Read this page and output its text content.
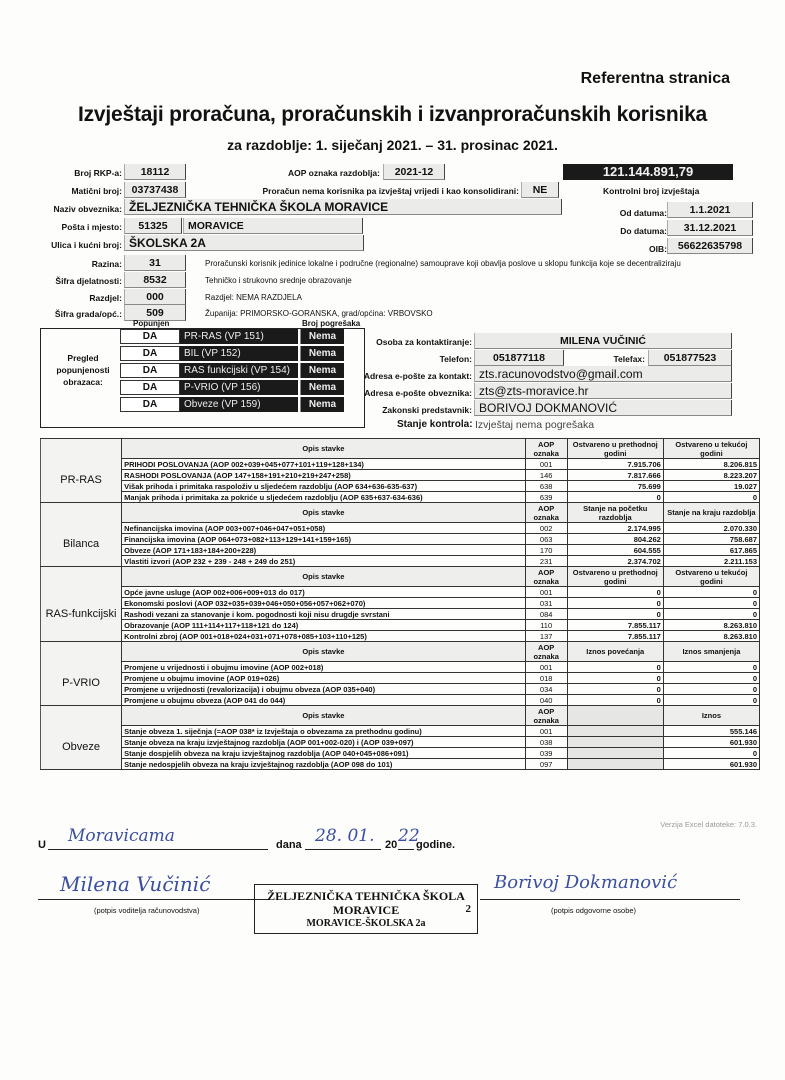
Referentna stranica
Izvještaji proračuna, proračunskih i izvanproračunskih korisnika
za razdoblje: 1. siječanj 2021. – 31. prosinac 2021.
Broj RKP-a:	18112	AOP oznaka razdoblja:	2021-12	121.144.891,79
Kontrolni broj izvještaja
Matični broj: 03737438	Proračun nema korisnika pa izvještaj vrijedi i kao konsolidirani:	NE
Naziv obveznika: ŽELJEZNIČKA TEHNIČKA ŠKOLA MORAVICE	Od datuma:	1.1.2021
Pošta i mjesto:	51325	MORAVICE	Do datuma:	31.12.2021
Ulica i kućni broj: ŠKOLSKA 2A	OIB:	56622635798
Razina:	31	Proračunski korisnik jedinice lokalne i područne (regionalne) samouprave koji obavlja poslove u sklopu funkcija koje se decentraliziraju
Šifra djelatnosti:	8532	Tehničko i strukovno srednje obrazovanje
Razdjel:	000	Razdjel: NEMA RAZDJELA
Šifra grada/opć.:	509	Županija: PRIMORSKO-GORANSKA, grad/općina: VRBOVSKO
Popunjen	Broj pogrešaka
Pregled popunjenosti obrazaca:
DA	PR-RAS (VP 151)	Nema
DA	BIL (VP 152)	Nema
DA	RAS funkcijski (VP 154)	Nema
DA	P-VRIO (VP 156)	Nema
DA	Obveze (VP 159)	Nema
Osoba za kontaktiranje:	MILENA VUČINIĆ
Telefon:	051877118	Telefax:	051877523
Adresa e-pošte za kontakt: zts.racunovodstvo@gmail.com
Adresa e-pošte obveznika: zts@zts-moravice.hr
Zakonski predstavnik: BORIVOJ DOKMANOVIĆ
Stanje kontrola: Izvještaj nema pogrešaka
	Opis stavke	AOP oznaka	Ostvareno u prethodnoj godini	Ostvareno u tekućoj godini
PR-RAS	PRIHODI POSLOVANJA (AOP 002+039+045+077+101+119+128+134)	001	7.915.706	8.206.815
	RASHODI POSLOVANJA (AOP 147+158+191+210+219+247+258)	146	7.817.666	8.223.207
	Višak prihoda i primitaka raspoloživ u sljedećem razdoblju (AOP 634+636-635-637)	638	75.699	19.027
	Manjak prihoda i primitaka za pokriće u sljedećem razdoblju (AOP 635+637-634-636)	639	0	0
	Opis stavke	AOP oznaka	Stanje na početku razdoblja	Stanje na kraju razdoblja
Bilanca	Nefinancijska imovina (AOP 003+007+046+047+051+058)	002	2.174.995	2.070.330
	Financijska imovina (AOP 064+073+082+113+129+141+159+165)	063	804.262	758.687
	Obveze (AOP 171+183+184+200+228)	170	604.555	617.865
	Vlastiti izvori (AOP 232 + 239 - 248 + 249 do 251)	231	2.374.702	2.211.153
	Opis stavke	AOP oznaka	Ostvareno u prethodnoj godini	Ostvareno u tekućoj godini
RAS-funkcijski	Opće javne usluge (AOP 002+006+009+013 do 017)	001	0	0
	Ekonomski poslovi (AOP 032+035+039+046+050+056+057+062+070)	031	0	0
	Rashodi vezani za stanovanje i kom. pogodnosti koji nisu drugdje svrstani	084	0	0
	Obrazovanje (AOP 111+114+117+118+121 do 124)	110	7.855.117	8.263.810
	Kontrolni zbroj (AOP 001+018+024+031+071+078+085+103+110+125)	137	7.855.117	8.263.810
	Opis stavke	AOP oznaka	Iznos povećanja	Iznos smanjenja
P-VRIO	Promjene u vrijednosti i obujmu imovine (AOP 002+018)	001	0	0
	Promjene u obujmu imovine (AOP 019+026)	018	0	0
	Promjene u vrijednosti (revalorizacija) i obujmu obveza (AOP 035+040)	034	0	0
	Promjene u obujmu obveza (AOP 041 do 044)	040	0	0
	Opis stavke	AOP oznaka		Iznos
Obveze	Stanje obveza 1. siječnja (=AOP 038* iz Izvještaja o obvezama za prethodnu godinu)	001		555.146
	Stanje obveza na kraju izvještajnog razdoblja (AOP 001+002-020) i (AOP 039+097)	038		601.930
	Stanje dospjelih obveza na kraju izvještajnog razdoblja (AOP 040+045+086+091)	039		0
	Stanje nedospjelih obveza na kraju izvještajnog razdoblja (AOP 098 do 101)	097		601.930
Verzija Excel datoteke: 7.0.3.
U Moravicama	dana 28. 01. 20 22
godine.
Milena Vučinić
(potpis voditelja računovodstva)
ŽELJEZNIČKA TEHNIČKA ŠKOLA
MORAVICE
MORAVICE-ŠKOLSKA 2a
2
Borivoj Dokmanović
(potpis odgovorne osobe)
